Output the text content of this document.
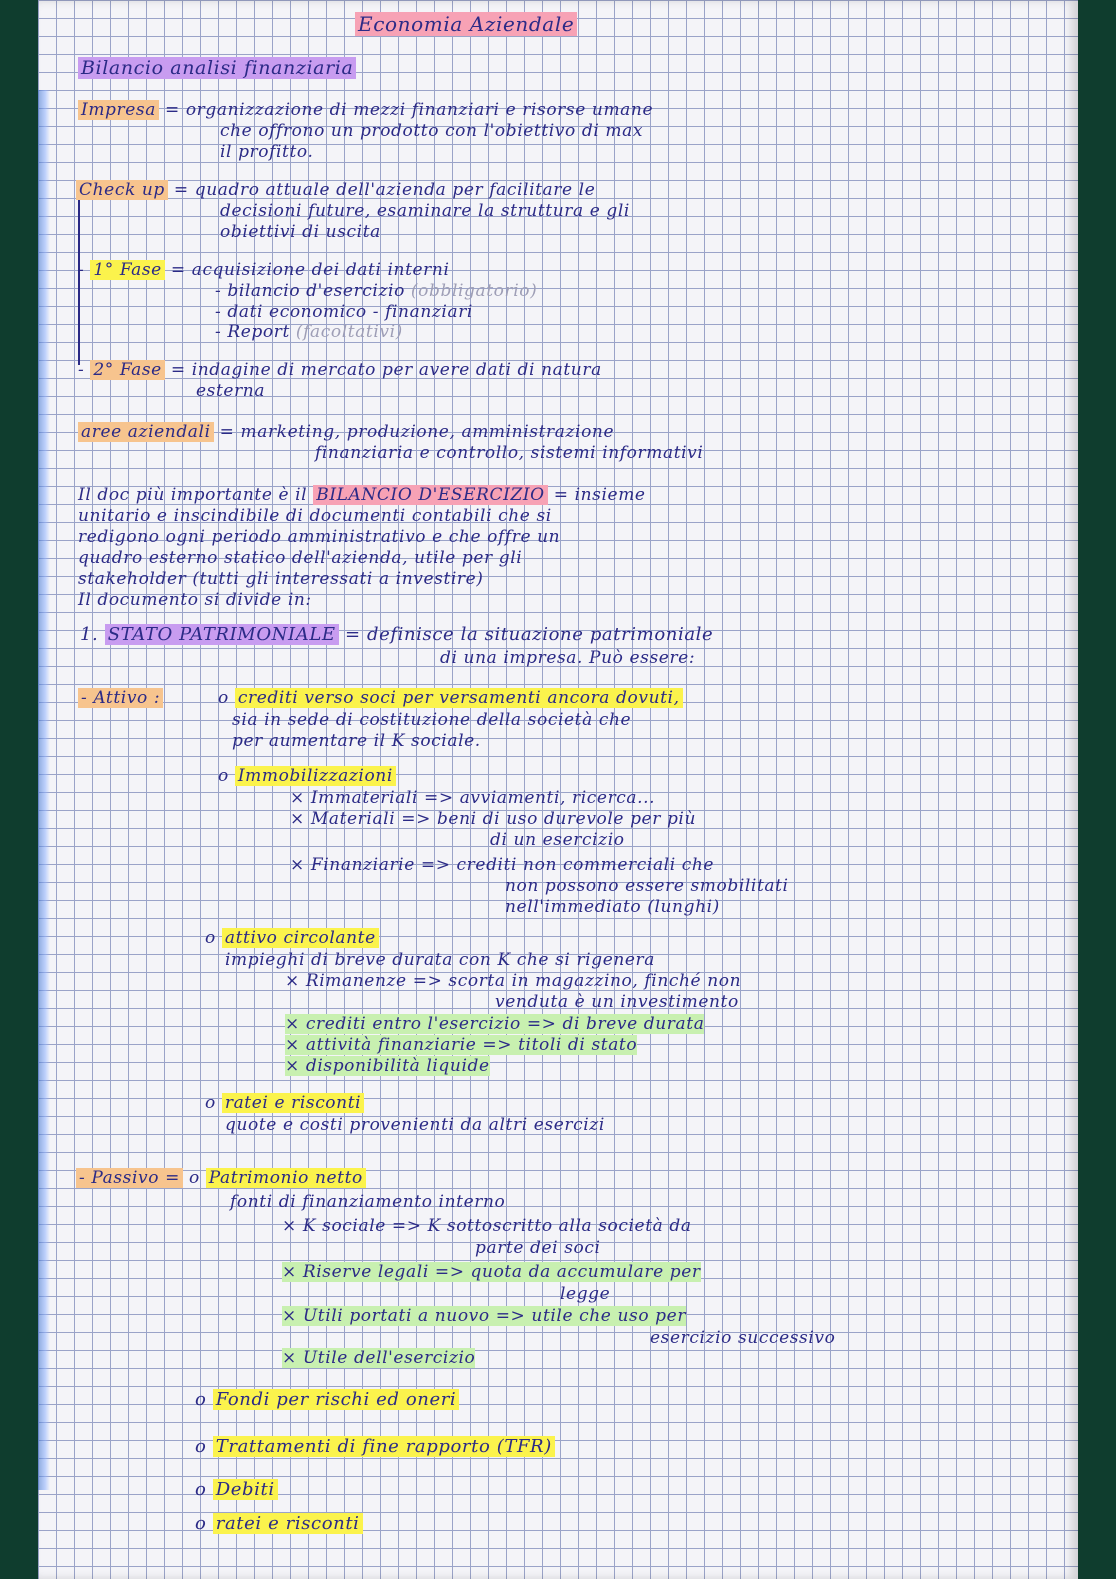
Economia Aziendale
Bilancio analisi finanziaria
Impresa = organizzazione di mezzi finanziari e risorse umane
che offrono un prodotto con l'obiettivo di max
il profitto.
Check up = quadro attuale dell'azienda per facilitare le
decisioni future, esaminare la struttura e gli
obiettivi di uscita
- 1° Fase = acquisizione dei dati interni
- bilancio d'esercizio (obbligatorio)
- dati economico - finanziari
- Report (facoltativi)
- 2° Fase = indagine di mercato per avere dati di natura
esterna
aree aziendali = marketing, produzione, amministrazione
finanziaria e controllo, sistemi informativi
Il doc più importante è il BILANCIO D'ESERCIZIO = insieme
unitario e inscindibile di documenti contabili che si
redigono ogni periodo amministrativo e che offre un
quadro esterno statico dell'azienda, utile per gli
stakeholder (tutti gli interessati a investire)
Il documento si divide in:
1. STATO PATRIMONIALE = definisce la situazione patrimoniale
di una impresa. Può essere:
- Attivo :	o crediti verso soci per versamenti ancora dovuti,
sia in sede di costituzione della società che
per aumentare il K sociale.
o Immobilizzazioni
× Immateriali => avviamenti, ricerca...
× Materiali => beni di uso durevole per più
di un esercizio
× Finanziarie => crediti non commerciali che
non possono essere smobilitati
nell'immediato (lunghi)
o attivo circolante
impieghi di breve durata con K che si rigenera
× Rimanenze => scorta in magazzino, finché non
venduta è un investimento
× crediti entro l'esercizio => di breve durata
× attività finanziarie => titoli di stato
× disponibilità liquide
o ratei e risconti
quote e costi provenienti da altri esercizi
- Passivo = o Patrimonio netto
fonti di finanziamento interno
× K sociale => K sottoscritto alla società da
parte dei soci
× Riserve legali => quota da accumulare per
legge
× Utili portati a nuovo => utile che uso per
esercizio successivo
× Utile dell'esercizio
o Fondi per rischi ed oneri
o Trattamenti di fine rapporto (TFR)
o Debiti
o ratei e risconti
